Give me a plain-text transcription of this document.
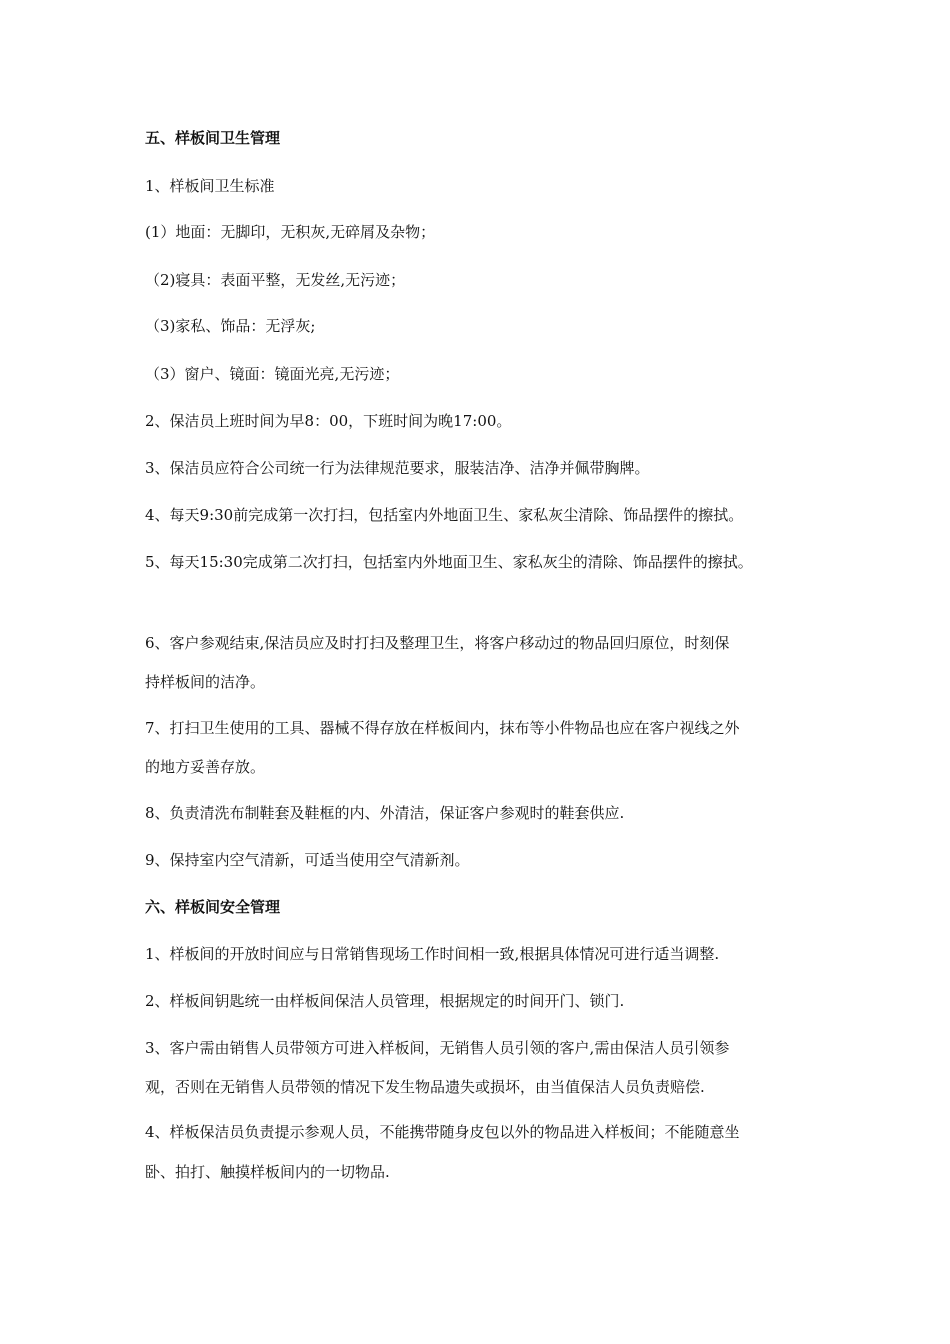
五、样板间卫生管理
1、样板间卫生标准
(1）地面：无脚印，无积灰,无碎屑及杂物；
（2)寝具：表面平整，无发丝,无污迹；
（3)家私、饰品：无浮灰;
（3）窗户、镜面：镜面光亮,无污迹；
2、保洁员上班时间为早8：00，下班时间为晚17:00。
3、保洁员应符合公司统一行为法律规范要求，服装洁净、洁净并佩带胸牌。
4、每天9:30前完成第一次打扫，包括室内外地面卫生、家私灰尘清除、饰品摆件的擦拭。
5、每天15:30完成第二次打扫，包括室内外地面卫生、家私灰尘的清除、饰品摆件的擦拭。
6、客户参观结束,保洁员应及时打扫及整理卫生，将客户移动过的物品回归原位，时刻保
持样板间的洁净。
7、打扫卫生使用的工具、器械不得存放在样板间内，抹布等小件物品也应在客户视线之外
的地方妥善存放。
8、负责清洗布制鞋套及鞋框的内、外清洁，保证客户参观时的鞋套供应.
9、保持室内空气清新，可适当使用空气清新剂。
六、样板间安全管理
1、样板间的开放时间应与日常销售现场工作时间相一致,根据具体情况可进行适当调整.
2、样板间钥匙统一由样板间保洁人员管理，根据规定的时间开门、锁门.
3、客户需由销售人员带领方可进入样板间，无销售人员引领的客户,需由保洁人员引领参
观，否则在无销售人员带领的情况下发生物品遗失或损坏，由当值保洁人员负责赔偿.
4、样板保洁员负责提示参观人员，不能携带随身皮包以外的物品进入样板间；不能随意坐
卧、拍打、触摸样板间内的一切物品.
